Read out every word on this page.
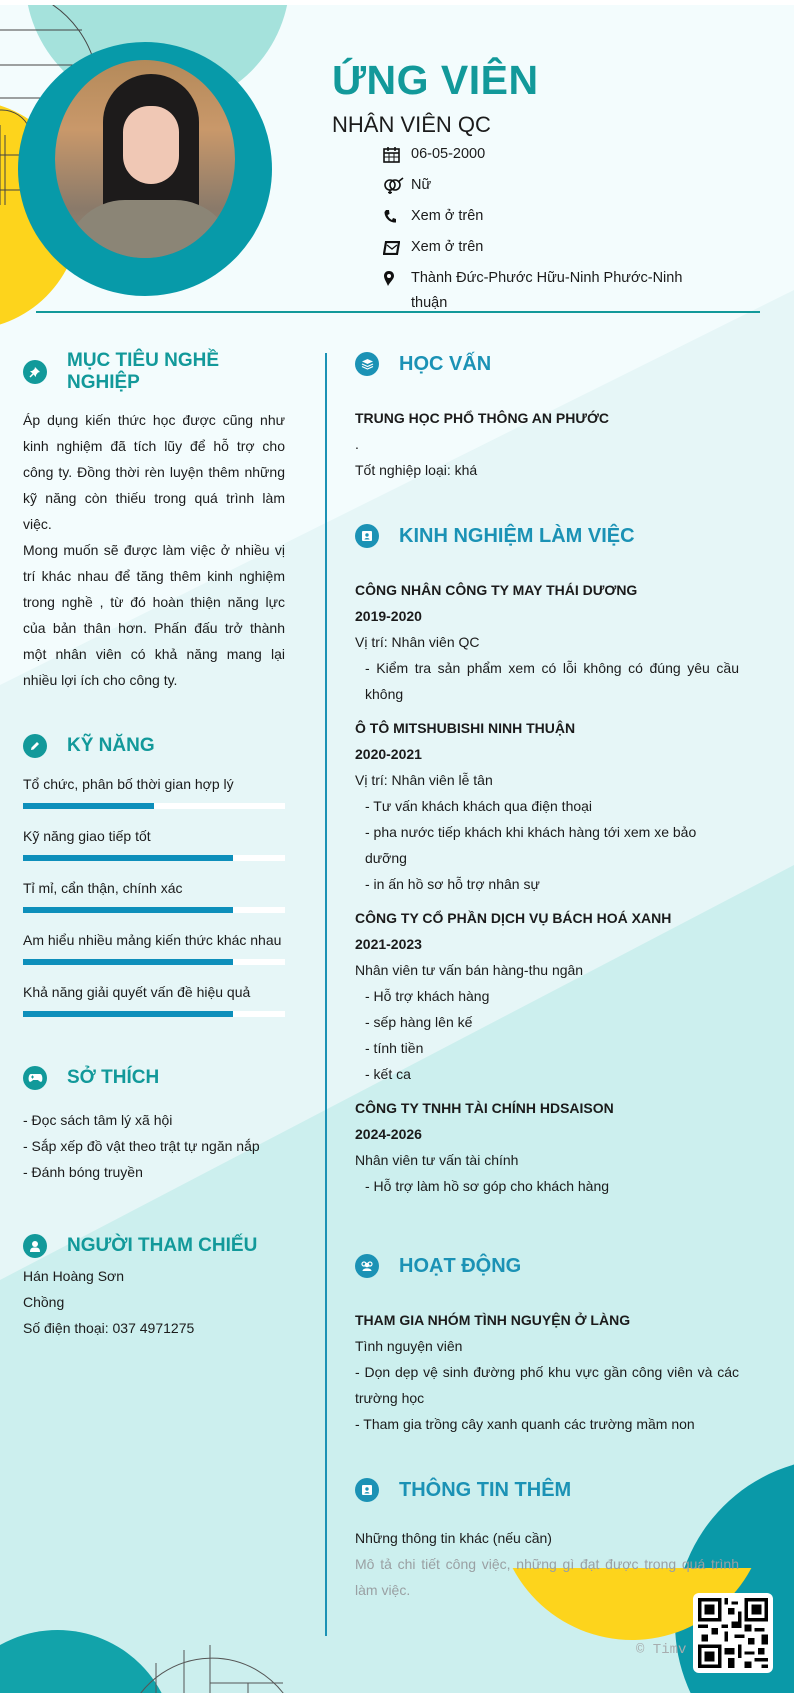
ỨNG VIÊN
NHÂN VIÊN QC
06-05-2000
Nữ
Xem ở trên
Xem ở trên
Thành Đức-Phước Hữu-Ninh Phước-Ninh thuận
MỤC TIÊU NGHỀ NGHIỆP
Áp dụng kiến thức học được cũng như kinh nghiệm đã tích lũy để hỗ trợ cho công ty. Đồng thời rèn luyện thêm những kỹ năng còn thiếu trong quá trình làm việc.
Mong muốn sẽ được làm việc ở nhiều vị trí khác nhau để tăng thêm kinh nghiệm trong nghề , từ đó hoàn thiện năng lực của bản thân hơn. Phấn đấu trở thành một nhân viên có khả năng mang lại nhiều lợi ích cho công ty.
KỸ NĂNG
Tổ chức, phân bố thời gian hợp lý
Kỹ năng giao tiếp tốt
Tỉ mỉ, cẩn thận, chính xác
Am hiểu nhiều mảng kiến thức khác nhau
Khả năng giải quyết vấn đề hiệu quả
SỞ THÍCH
- Đọc sách tâm lý xã hội
- Sắp xếp đồ vật theo trật tự ngăn nắp
- Đánh bóng truyền
NGƯỜI THAM CHIẾU
Hán Hoàng Sơn
Chồng
Số điện thoại: 037 4971275
HỌC VẤN
TRUNG HỌC PHỔ THÔNG AN PHƯỚC
.
Tốt nghiệp loại: khá
KINH NGHIỆM LÀM VIỆC
CÔNG NHÂN CÔNG TY MAY THÁI DƯƠNG
2019-2020
Vị trí: Nhân viên QC
- Kiểm tra sản phẩm xem có lỗi không có đúng yêu cầu không
Ô TÔ MITSHUBISHI NINH THUẬN
2020-2021
Vị trí: Nhân viên lễ tân
- Tư vấn khách khách qua điện thoại
- pha nước tiếp khách khi khách hàng tới xem xe bảo dưỡng
- in ấn hồ sơ hỗ trợ nhân sự
CÔNG TY CỔ PHẦN DỊCH VỤ BÁCH HOÁ XANH
2021-2023
Nhân viên tư vấn bán hàng-thu ngân
- Hỗ trợ khách hàng
- sếp hàng lên kế
- tính tiền
- kết ca
CÔNG TY TNHH TÀI CHÍNH HDSAISON
2024-2026
Nhân viên tư vấn tài chính
- Hỗ trợ làm hồ sơ góp cho khách hàng
HOẠT ĐỘNG
THAM GIA NHÓM TÌNH NGUYỆN Ở LÀNG
Tình nguyện viên
- Dọn dẹp vệ sinh đường phố khu vực gần công viên và các trường học
- Tham gia trồng cây xanh quanh các trường mầm non
THÔNG TIN THÊM
Những thông tin khác (nếu cần)
Mô tả chi tiết công việc, những gì đạt được trong quá trình làm việc.
© Timv
